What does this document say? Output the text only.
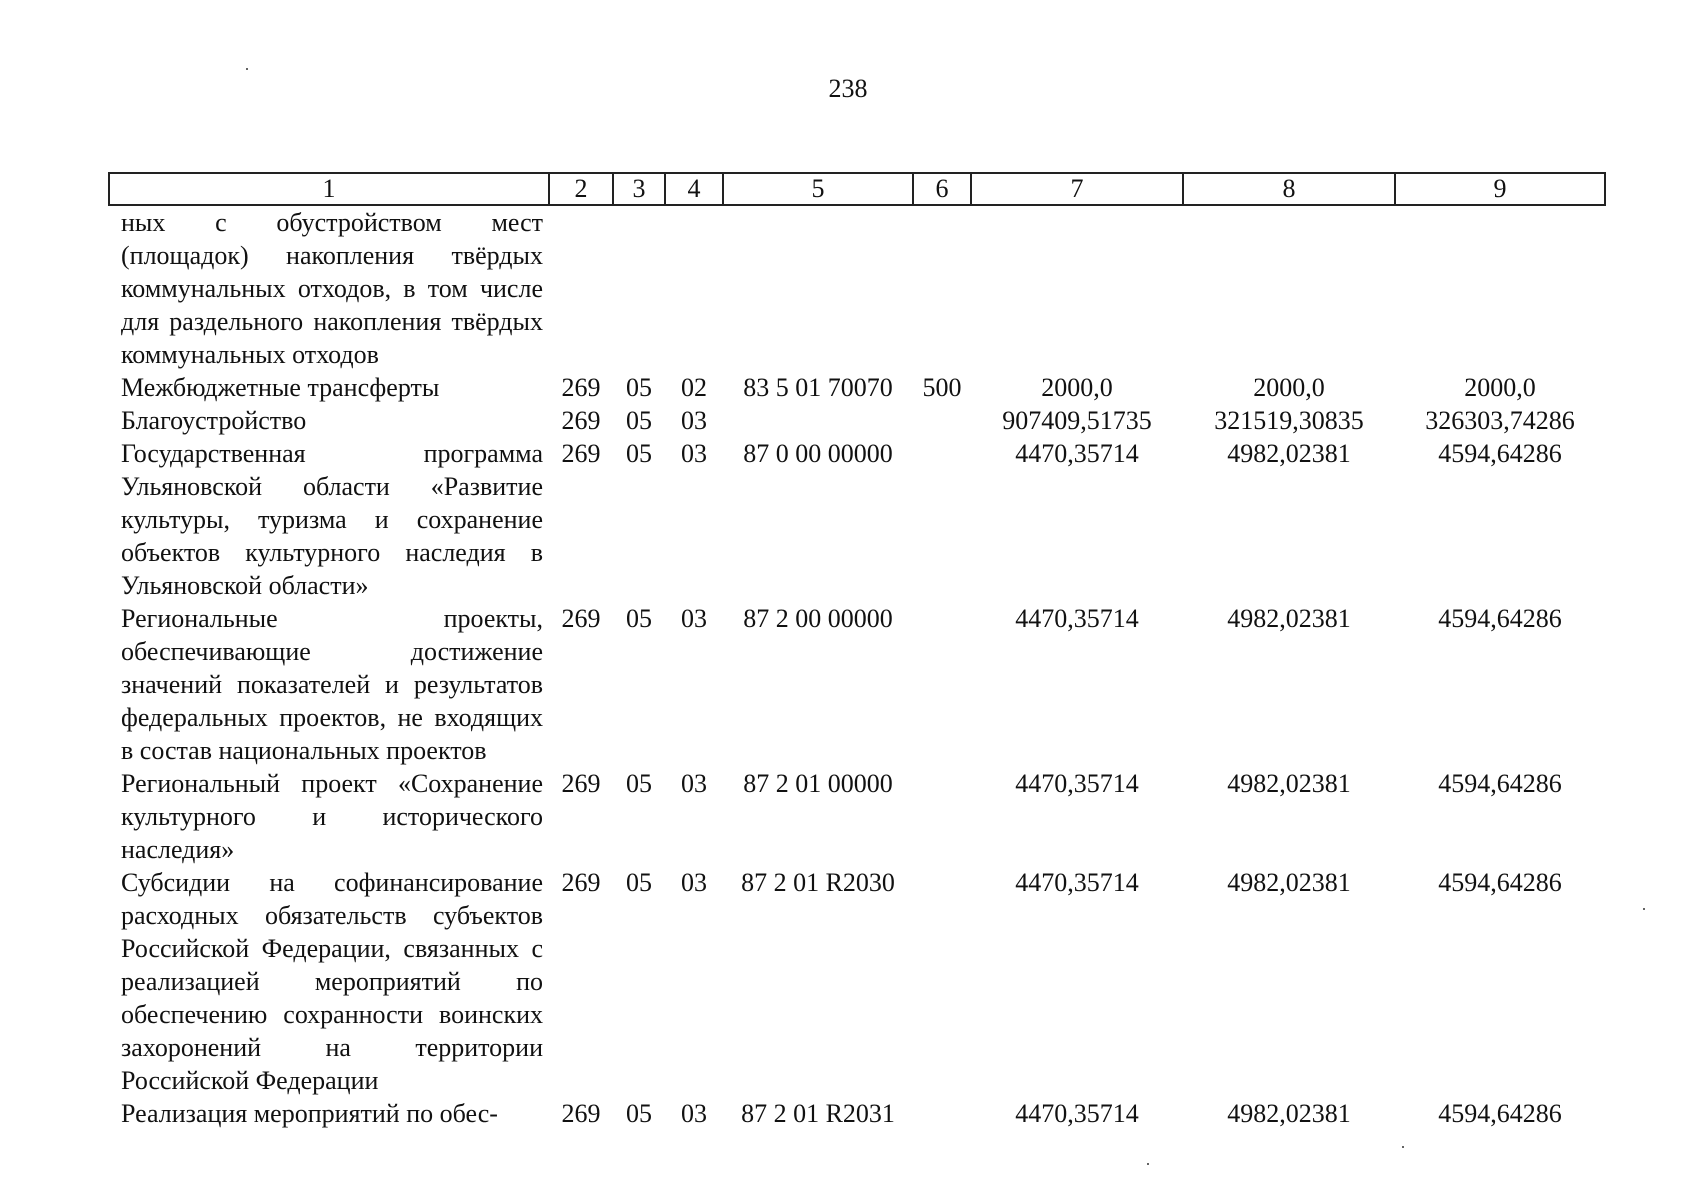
238
1	2	3	4	5	6	7	8	9
ных с обустройством мест (площадок) накопления твёрдых коммунальных отходов, в том числе для раздельного накопления твёрдых коммунальных отходов								
Межбюджетные трансферты	269	05	02	83 5 01 70070	500	2000,0	2000,0	2000,0
Благоустройство	269	05	03			907409,51735	321519,30835	326303,74286
Государственная программа Ульяновской области «Развитие культуры, туризма и сохранение объектов культурного наследия в Ульяновской области»	269	05	03	87 0 00 00000		4470,35714	4982,02381	4594,64286
Региональные проекты, обеспечивающие достижение значений показателей и результатов федеральных проектов, не входящих в состав национальных проектов	269	05	03	87 2 00 00000		4470,35714	4982,02381	4594,64286
Региональный проект «Сохранение культурного и исторического наследия»	269	05	03	87 2 01 00000		4470,35714	4982,02381	4594,64286
Субсидии на софинансирование расходных обязательств субъектов Российской Федерации, связанных с реализацией мероприятий по обеспечению сохранности воинских захоронений на территории Российской Федерации	269	05	03	87 2 01 R2030		4470,35714	4982,02381	4594,64286
Реализация мероприятий по обес-	269	05	03	87 2 01 R2031		4470,35714	4982,02381	4594,64286
